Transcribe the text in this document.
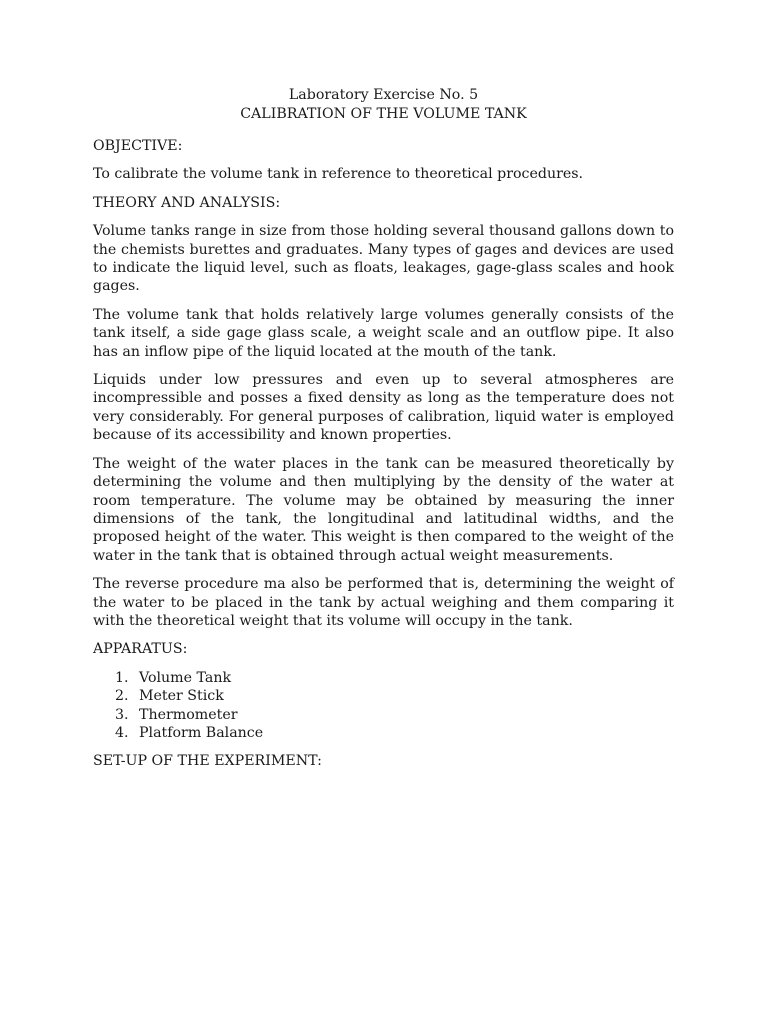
Laboratory Exercise No. 5
CALIBRATION OF THE VOLUME TANK
OBJECTIVE:
To calibrate the volume tank in reference to theoretical procedures.
THEORY AND ANALYSIS:
Volume tanks range in size from those holding several thousand gallons down to the chemists burettes and graduates. Many types of gages and devices are used to indicate the liquid level, such as floats, leakages, gage-glass scales and hook gages.
The volume tank that holds relatively large volumes generally consists of the tank itself, a side gage glass scale, a weight scale and an outflow pipe. It also has an inflow pipe of the liquid located at the mouth of the tank.
Liquids under low pressures and even up to several atmospheres are incompressible and posses a fixed density as long as the temperature does not very considerably. For general purposes of calibration, liquid water is employed because of its accessibility and known properties.
The weight of the water places in the tank can be measured theoretically by determining the volume and then multiplying by the density of the water at room temperature. The volume may be obtained by measuring the inner dimensions of the tank, the longitudinal and latitudinal widths, and the proposed height of the water. This weight is then compared to the weight of the water in the tank that is obtained through actual weight measurements.
The reverse procedure ma also be performed that is, determining the weight of the water to be placed in the tank by actual weighing and them comparing it with the theoretical weight that its volume will occupy in the tank.
APPARATUS:
1. Volume Tank
2. Meter Stick
3. Thermometer
4. Platform Balance
SET-UP OF THE EXPERIMENT:
